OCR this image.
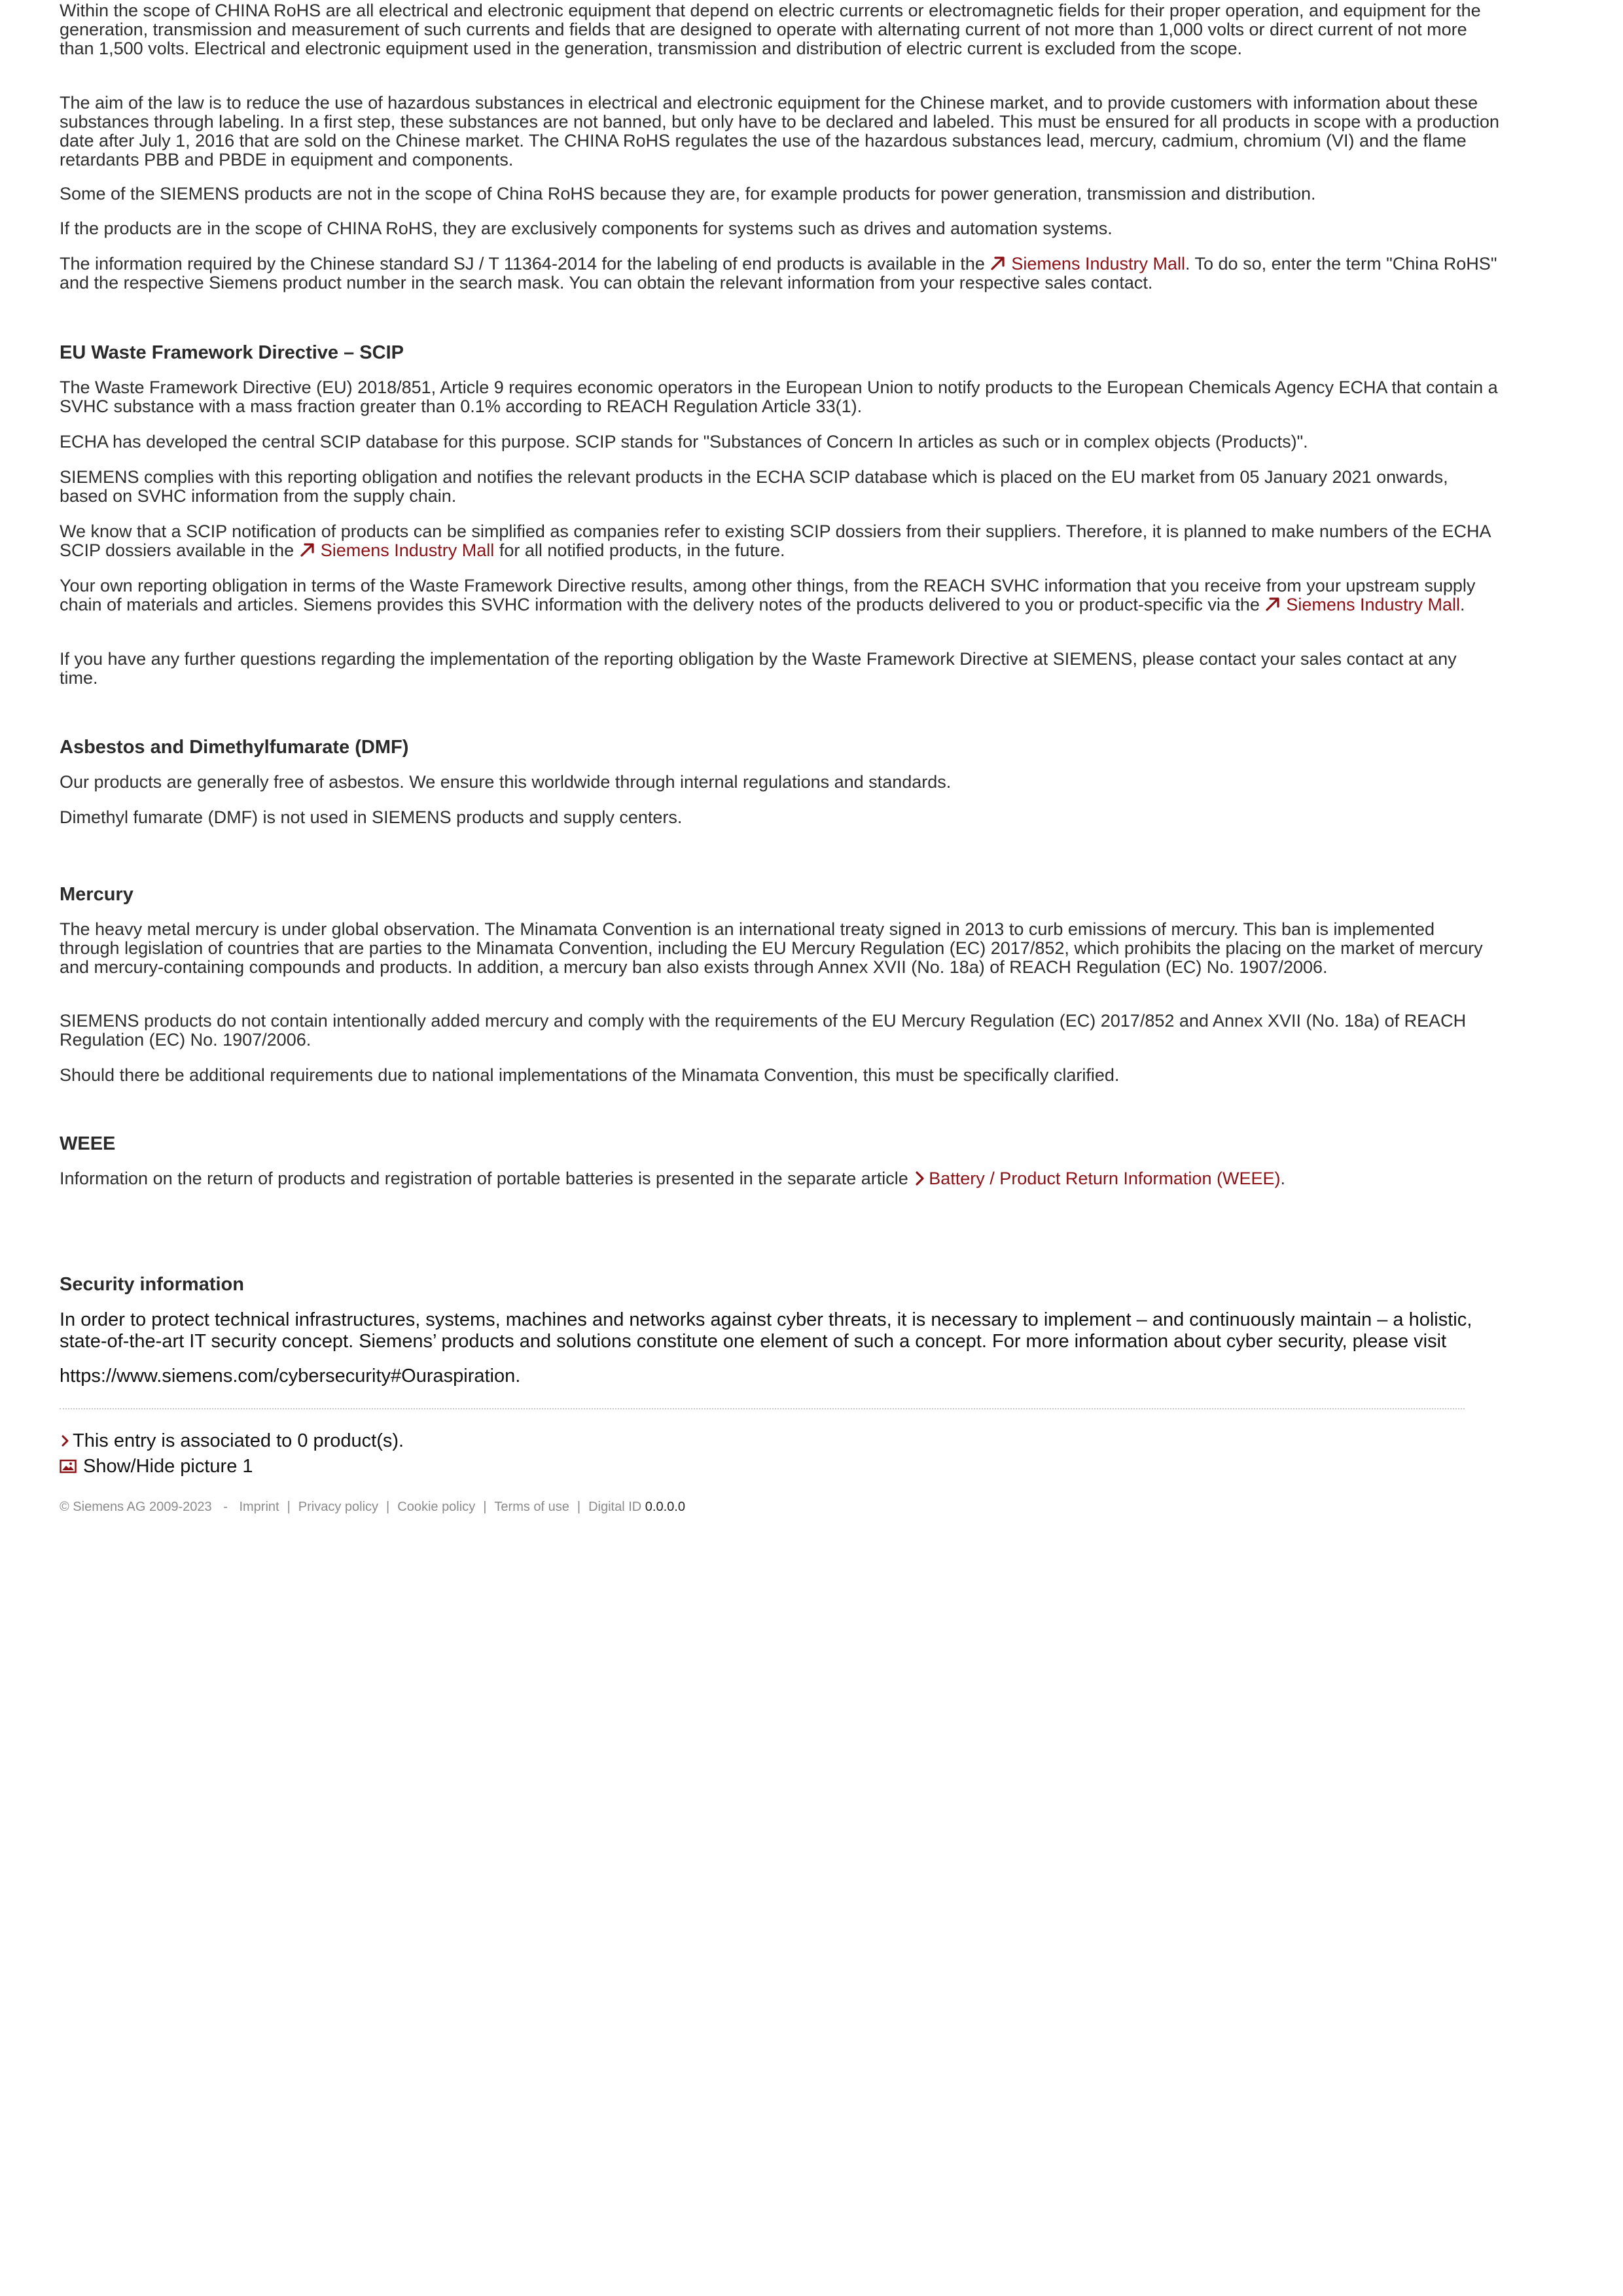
Within the scope of CHINA RoHS are all electrical and electronic equipment that depend on electric currents or electromagnetic fields for their proper operation, and equipment for the generation, transmission and measurement of such currents and fields that are designed to operate with alternating current of not more than 1,000 volts or direct current of not more than 1,500 volts. Electrical and electronic equipment used in the generation, transmission and distribution of electric current is excluded from the scope.

The aim of the law is to reduce the use of hazardous substances in electrical and electronic equipment for the Chinese market, and to provide customers with information about these substances through labeling. In a first step, these substances are not banned, but only have to be declared and labeled. This must be ensured for all products in scope with a production date after July 1, 2016 that are sold on the Chinese market. The CHINA RoHS regulates the use of the hazardous substances lead, mercury, cadmium, chromium (VI) and the flame retardants PBB and PBDE in equipment and components.

Some of the SIEMENS products are not in the scope of China RoHS because they are, for example products for power generation, transmission and distribution.

If the products are in the scope of CHINA RoHS, they are exclusively components for systems such as drives and automation systems.

The information required by the Chinese standard SJ / T 11364-2014 for the labeling of end products is available in the Siemens Industry Mall. To do so, enter the term "China RoHS" and the respective Siemens product number in the search mask. You can obtain the relevant information from your respective sales contact.

EU Waste Framework Directive – SCIP

The Waste Framework Directive (EU) 2018/851, Article 9 requires economic operators in the European Union to notify products to the European Chemicals Agency ECHA that contain a SVHC substance with a mass fraction greater than 0.1% according to REACH Regulation Article 33(1).

ECHA has developed the central SCIP database for this purpose. SCIP stands for "Substances of Concern In articles as such or in complex objects (Products)".

SIEMENS complies with this reporting obligation and notifies the relevant products in the ECHA SCIP database which is placed on the EU market from 05 January 2021 onwards, based on SVHC information from the supply chain.

We know that a SCIP notification of products can be simplified as companies refer to existing SCIP dossiers from their suppliers. Therefore, it is planned to make numbers of the ECHA SCIP dossiers available in the Siemens Industry Mall for all notified products, in the future.

Your own reporting obligation in terms of the Waste Framework Directive results, among other things, from the REACH SVHC information that you receive from your upstream supply chain of materials and articles. Siemens provides this SVHC information with the delivery notes of the products delivered to you or product-specific via the Siemens Industry Mall.

If you have any further questions regarding the implementation of the reporting obligation by the Waste Framework Directive at SIEMENS, please contact your sales contact at any time.

Asbestos and Dimethylfumarate (DMF)

Our products are generally free of asbestos. We ensure this worldwide through internal regulations and standards.

Dimethyl fumarate (DMF) is not used in SIEMENS products and supply centers.

Mercury

The heavy metal mercury is under global observation. The Minamata Convention is an international treaty signed in 2013 to curb emissions of mercury. This ban is implemented through legislation of countries that are parties to the Minamata Convention, including the EU Mercury Regulation (EC) 2017/852, which prohibits the placing on the market of mercury and mercury-containing compounds and products. In addition, a mercury ban also exists through Annex XVII (No. 18a) of REACH Regulation (EC) No. 1907/2006.

SIEMENS products do not contain intentionally added mercury and comply with the requirements of the EU Mercury Regulation (EC) 2017/852 and Annex XVII (No. 18a) of REACH Regulation (EC) No. 1907/2006.

Should there be additional requirements due to national implementations of the Minamata Convention, this must be specifically clarified.

WEEE

Information on the return of products and registration of portable batteries is presented in the separate article Battery / Product Return Information (WEEE).

Security information

In order to protect technical infrastructures, systems, machines and networks against cyber threats, it is necessary to implement – and continuously maintain – a holistic, state-of-the-art IT security concept. Siemens’ products and solutions constitute one element of such a concept. For more information about cyber security, please visit

https://www.siemens.com/cybersecurity#Ouraspiration.

This entry is associated to 0 product(s).
Show/Hide picture 1
© Siemens AG 2009-2023 - Imprint | Privacy policy | Cookie policy | Terms of use | Digital ID 0.0.0.0
